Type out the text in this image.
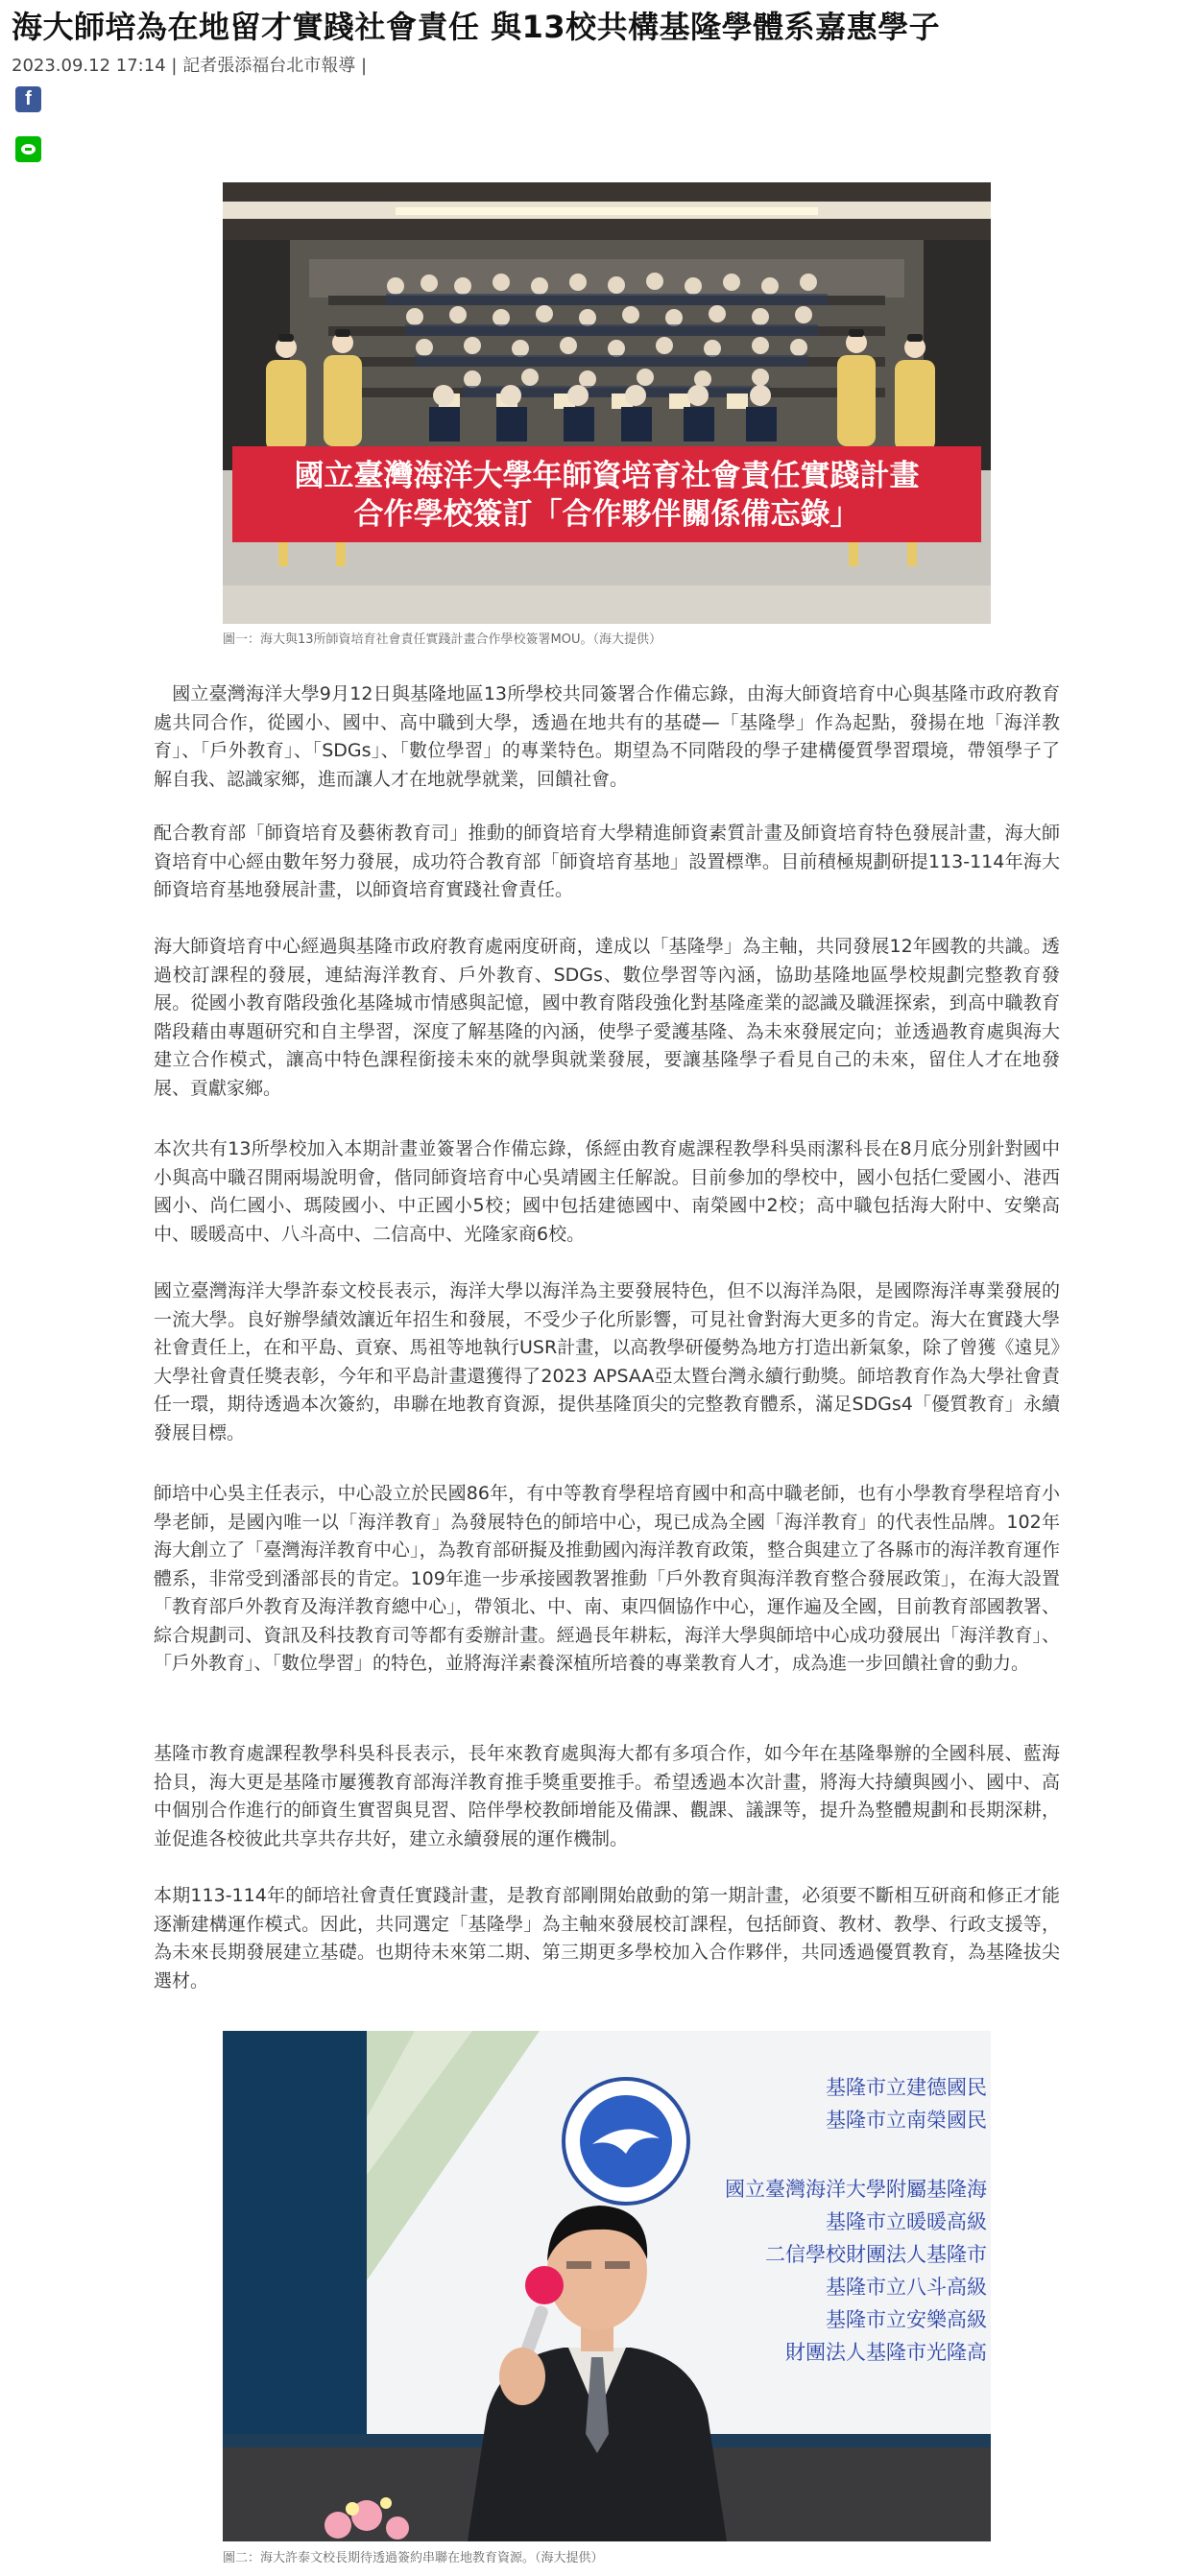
海大師培為在地留才實踐社會責任 與13校共構基隆學體系嘉惠學子
2023.09.12 17:14 | 記者張添福台北市報導 |
f
國立臺灣海洋大學年師資培育社會責任實踐計畫
合作學校簽訂「合作夥伴關係備忘錄」
圖一：海大與13所師資培育社會責任實踐計畫合作學校簽署MOU。（海大提供）

　國立臺灣海洋大學9月12日與基隆地區13所學校共同簽署合作備忘錄，由海大師資培育中心與基隆市政府教育處共同合作，從國小、國中、高中職到大學，透過在地共有的基礎—「基隆學」作為起點，發揚在地「海洋教育」、「戶外教育」、「SDGs」、「數位學習」的專業特色。期望為不同階段的學子建構優質學習環境，帶領學子了解自我、認識家鄉，進而讓人才在地就學就業，回饋社會。

配合教育部「師資培育及藝術教育司」推動的師資培育大學精進師資素質計畫及師資培育特色發展計畫，海大師資培育中心經由數年努力發展，成功符合教育部「師資培育基地」設置標準。目前積極規劃研提113-114年海大師資培育基地發展計畫，以師資培育實踐社會責任。

海大師資培育中心經過與基隆市政府教育處兩度研商，達成以「基隆學」為主軸，共同發展12年國教的共識。透過校訂課程的發展，連結海洋教育、戶外教育、SDGs、數位學習等內涵，協助基隆地區學校規劃完整教育發展。從國小教育階段強化基隆城市情感與記憶，國中教育階段強化對基隆產業的認識及職涯探索，到高中職教育階段藉由專題研究和自主學習，深度了解基隆的內涵，使學子愛護基隆、為未來發展定向；並透過教育處與海大建立合作模式，讓高中特色課程銜接未來的就學與就業發展，要讓基隆學子看見自己的未來，留住人才在地發展、貢獻家鄉。

本次共有13所學校加入本期計畫並簽署合作備忘錄，係經由教育處課程教學科吳雨潔科長在8月底分別針對國中小與高中職召開兩場說明會，偕同師資培育中心吳靖國主任解說。目前參加的學校中，國小包括仁愛國小、港西國小、尚仁國小、瑪陵國小、中正國小5校；國中包括建德國中、南榮國中2校；高中職包括海大附中、安樂高中、暖暖高中、八斗高中、二信高中、光隆家商6校。

國立臺灣海洋大學許泰文校長表示，海洋大學以海洋為主要發展特色，但不以海洋為限，是國際海洋專業發展的一流大學。良好辦學績效讓近年招生和發展，不受少子化所影響，可見社會對海大更多的肯定。海大在實踐大學社會責任上，在和平島、貢寮、馬祖等地執行USR計畫，以高教學研優勢為地方打造出新氣象，除了曾獲《遠見》大學社會責任獎表彰，今年和平島計畫還獲得了2023 APSAA亞太暨台灣永續行動獎。師培教育作為大學社會責任一環，期待透過本次簽約，串聯在地教育資源，提供基隆頂尖的完整教育體系，滿足SDGs4「優質教育」永續發展目標。

師培中心吳主任表示，中心設立於民國86年，有中等教育學程培育國中和高中職老師，也有小學教育學程培育小學老師，是國內唯一以「海洋教育」為發展特色的師培中心，現已成為全國「海洋教育」的代表性品牌。102年海大創立了「臺灣海洋教育中心」，為教育部研擬及推動國內海洋教育政策，整合與建立了各縣市的海洋教育運作體系，非常受到潘部長的肯定。109年進一步承接國教署推動「戶外教育與海洋教育整合發展政策」，在海大設置「教育部戶外教育及海洋教育總中心」，帶領北、中、南、東四個協作中心，運作遍及全國，目前教育部國教署、綜合規劃司、資訊及科技教育司等都有委辦計畫。經過長年耕耘，海洋大學與師培中心成功發展出「海洋教育」、「戶外教育」、「數位學習」的特色，並將海洋素養深植所培養的專業教育人才，成為進一步回饋社會的動力。

基隆市教育處課程教學科吳科長表示，長年來教育處與海大都有多項合作，如今年在基隆舉辦的全國科展、藍海拾貝，海大更是基隆市屢獲教育部海洋教育推手獎重要推手。希望透過本次計畫，將海大持續與國小、國中、高中個別合作進行的師資生實習與見習、陪伴學校教師增能及備課、觀課、議課等，提升為整體規劃和長期深耕，並促進各校彼此共享共存共好，建立永續發展的運作機制。

本期113-114年的師培社會責任實踐計畫，是教育部剛開始啟動的第一期計畫，必須要不斷相互研商和修正才能逐漸建構運作模式。因此，共同選定「基隆學」為主軸來發展校訂課程，包括師資、教材、教學、行政支援等，為未來長期發展建立基礎。也期待未來第二期、第三期更多學校加入合作夥伴，共同透過優質教育，為基隆拔尖選材。

基隆市立建德國民
基隆市立南榮國民
國立臺灣海洋大學附屬基隆海
基隆市立暖暖高級
二信學校財團法人基隆市
基隆市立八斗高級
基隆市立安樂高級
財團法人基隆市光隆高
圖二：海大許泰文校長期待透過簽約串聯在地教育資源。（海大提供）
